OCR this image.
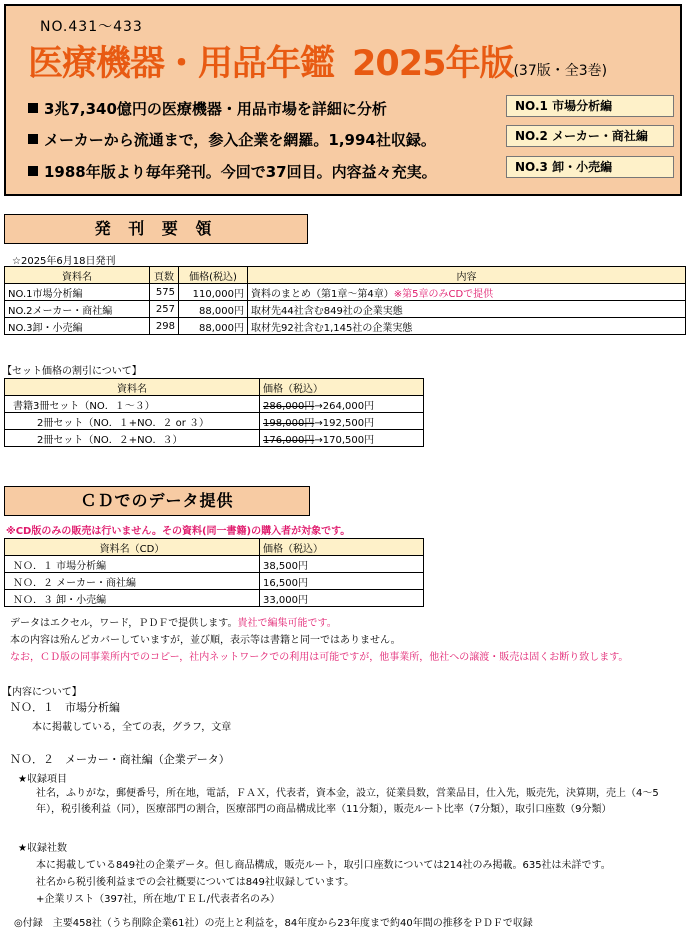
NO.431～433
医療機器・用品年鑑 2025年版(37版・全3巻)
3兆7,340億円の医療機器・用品市場を詳細に分析
メーカーから流通まで，参入企業を網羅。1,994社収録。
1988年版より毎年発刊。今回で37回目。内容益々充実。
NO.1 市場分析編
NO.2 メーカー・商社編
NO.3 卸・小売編
発 刊 要 領
☆2025年6月18日発刊
資料名	頁数	価格(税込)	内容
NO.1市場分析編	575	110,000円	資料のまとめ（第1章～第4章）※第5章のみCDで提供
NO.2メーカー・商社編	257	88,000円	取材先44社含む849社の企業実態
NO.3卸・小売編	298	88,000円	取材先92社含む1,145社の企業実態
【セット価格の割引について】
資料名	価格（税込）
書籍3冊セット（NO．１～３）	286,000円→264,000円
2冊セット（NO．１+NO．２ or ３）	198,000円→192,500円
2冊セット（NO．２+NO．３）	176,000円→170,500円
ＣＤでのデータ提供
※CD版のみの販売は行いません。その資料(同一書籍)の購入者が対象です。
資料名（CD）	価格（税込）
ＮＯ．１ 市場分析編	38,500円
ＮＯ．２ メーカー・商社編	16,500円
ＮＯ．３ 卸・小売編	33,000円
データはエクセル，ワード，ＰＤＦで提供します。貴社で編集可能です。
本の内容は殆んどカバーしていますが，並び順，表示等は書籍と同一ではありません。
なお，ＣＤ版の同事業所内でのコピー，社内ネットワークでの利用は可能ですが，他事業所，他社への譲渡・販売は固くお断り致します。
【内容について】
ＮＯ．１　市場分析編
本に掲載している，全ての表，グラフ，文章
ＮＯ．２　メーカー・商社編（企業データ）
★収録項目
社名，ふりがな，郵便番号，所在地，電話，ＦＡＸ，代表者，資本金，設立，従業員数，営業品目，仕入先，販売先，決算期，売上（4～5年），税引後利益（同），医療部門の割合，医療部門の商品構成比率（11分類），販売ルート比率（7分類），取引口座数（9分類）
★収録社数
本に掲載している849社の企業データ。但し商品構成，販売ルート，取引口座数については214社のみ掲載。635社は未詳です。
社名から税引後利益までの会社概要については849社収録しています。
+企業リスト（397社，所在地/ＴＥＬ/代表者名のみ）
◎付録　主要458社（うち削除企業61社）の売上と利益を，84年度から23年度まで約40年間の推移をＰＤＦで収録
